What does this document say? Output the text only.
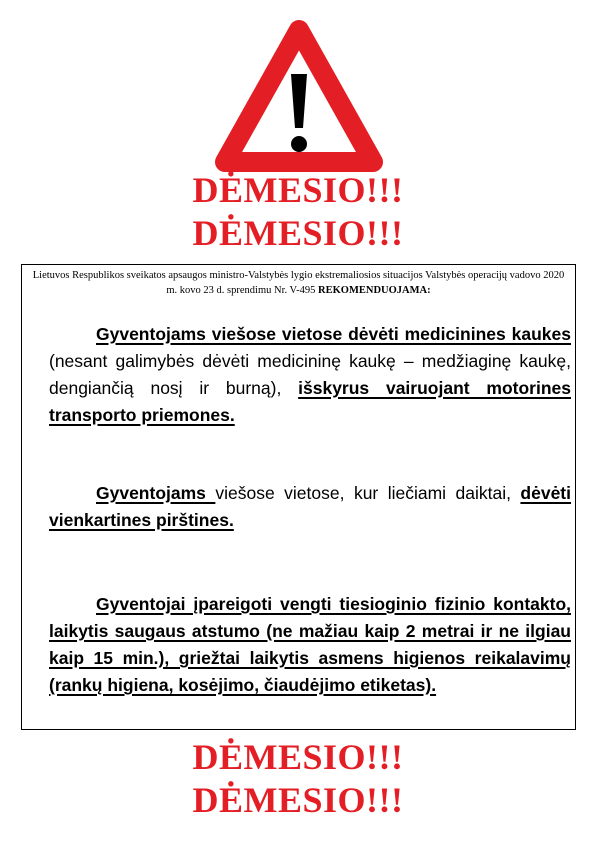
DĖMESIO!!!
DĖMESIO!!!
Lietuvos Respublikos sveikatos apsaugos ministro-Valstybės lygio ekstremaliosios situacijos Valstybės operacijų vadovo 2020 m. kovo 23 d. sprendimu Nr. V-495 REKOMENDUOJAMA:
Gyventojams viešose vietose dėvėti medicinines kaukes (nesant galimybės dėvėti medicininę kaukę – medžiaginę kaukę, dengiančią nosį ir burną), išskyrus vairuojant motorines transporto priemones.
Gyventojams viešose vietose, kur liečiami daiktai, dėvėti vienkartines pirštines.
Gyventojai įpareigoti vengti tiesioginio fizinio kontakto, laikytis saugaus atstumo (ne mažiau kaip 2 metrai ir ne ilgiau kaip 15 min.), griežtai laikytis asmens higienos reikalavimų (rankų higiena, kosėjimo, čiaudėjimo etiketas).
DĖMESIO!!!
DĖMESIO!!!
